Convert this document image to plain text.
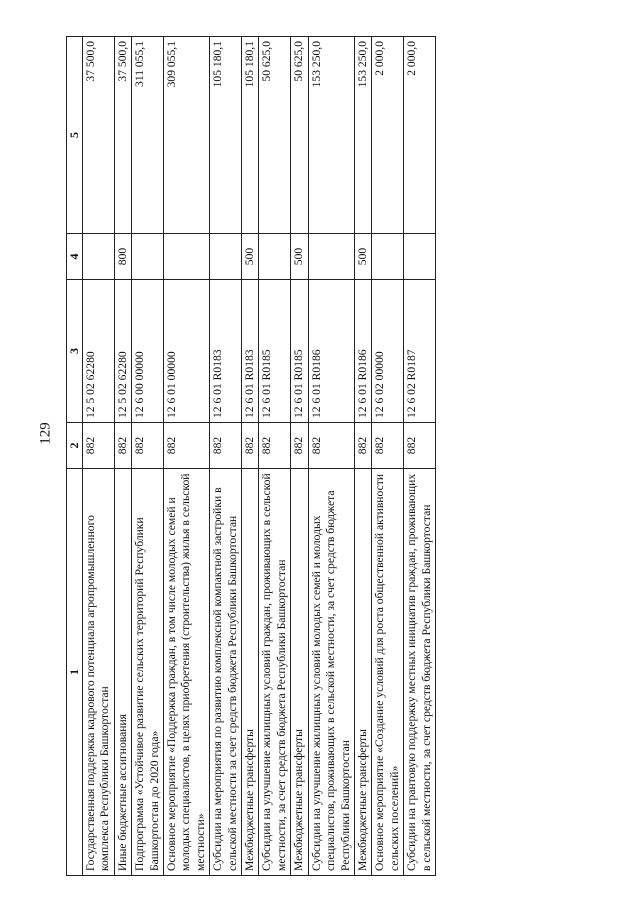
129
1	2	3	4	5
Государственная поддержка кадрового потенциала агропромышленного комплекса Республики Башкортостан	882	12 5 02 62280		37 500,0
Иные бюджетные ассигнования	882	12 5 02 62280	800	37 500,0
Подпрограмма «Устойчивое развитие сельских территорий Республики Башкортостан до 2020 года»	882	12 6 00 00000		311 055,1
Основное мероприятие «Поддержка граждан, в том числе молодых семей и молодых специалистов, в целях приобретения (строительства) жилья в сельской местности»	882	12 6 01 00000		309 055,1
Субсидии на мероприятия по развитию комплексной компактной застройки в сельской местности за счет средств бюджета Республики Башкортостан	882	12 6 01 R0183		105 180,1
Межбюджетные трансферты	882	12 6 01 R0183	500	105 180,1
Субсидии на улучшение жилищных условий граждан, проживающих в сельской местности, за счет средств бюджета Республики Башкортостан	882	12 6 01 R0185		50 625,0
Межбюджетные трансферты	882	12 6 01 R0185	500	50 625,0
Субсидии на улучшение жилищных условий молодых семей и молодых специалистов, проживающих в сельской местности, за счет средств бюджета Республики Башкортостан	882	12 6 01 R0186		153 250,0
Межбюджетные трансферты	882	12 6 01 R0186	500	153 250,0
Основное мероприятие «Создание условий для роста общественной активности сельских поселений»	882	12 6 02 00000		2 000,0
Субсидии на грантовую поддержку местных инициатив граждан, проживающих в сельской местности, за счет средств бюджета Республики Башкортостан	882	12 6 02 R0187		2 000,0
